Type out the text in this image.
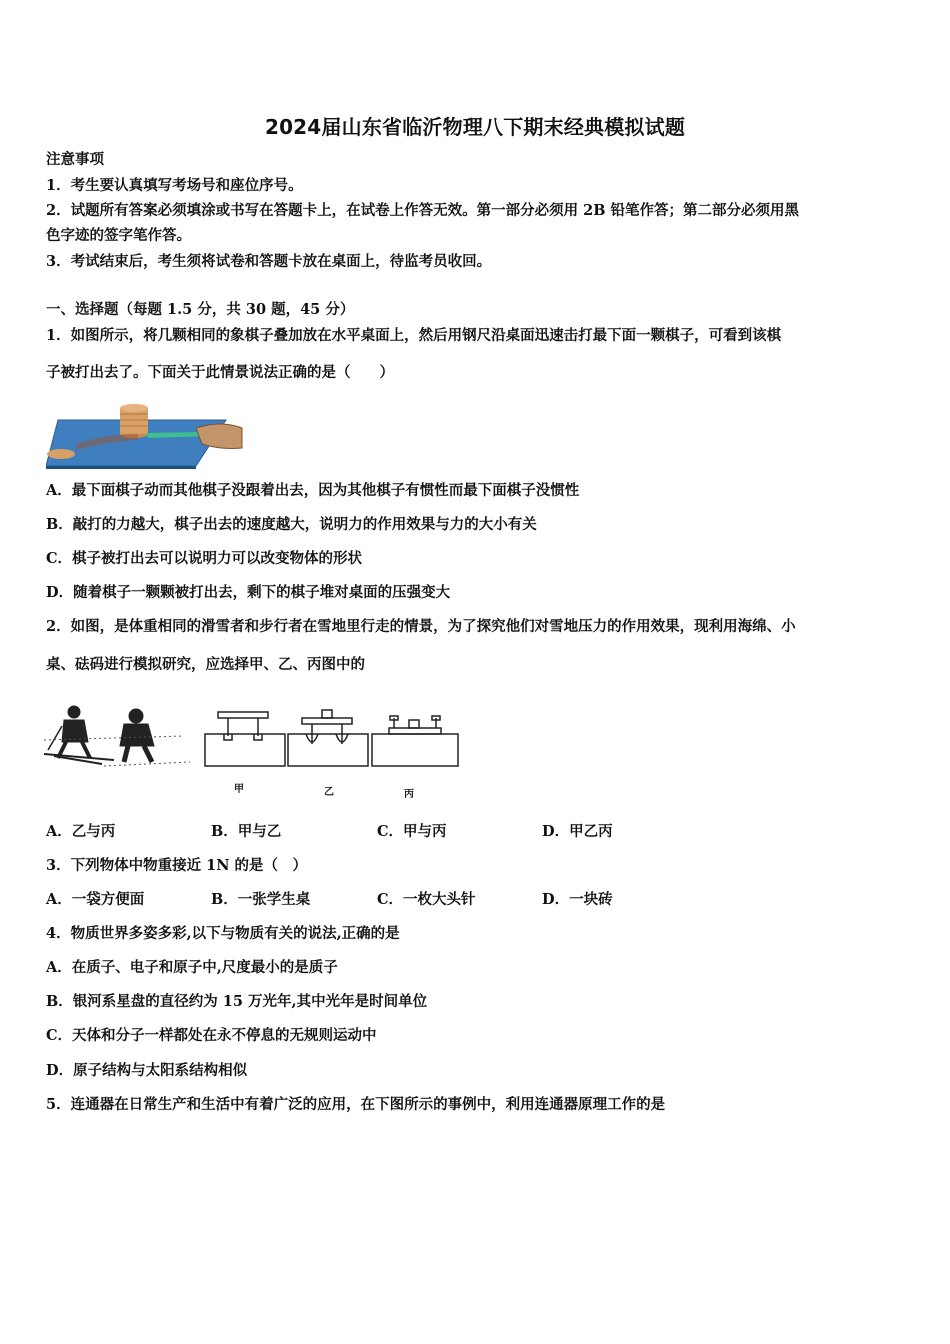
2024届山东省临沂物理八下期末经典模拟试题
注意事项
1．考生要认真填写考场号和座位序号。
2．试题所有答案必须填涂或书写在答题卡上，在试卷上作答无效。第一部分必须用 2B 铅笔作答；第二部分必须用黑
色字迹的签字笔作答。
3．考试结束后，考生须将试卷和答题卡放在桌面上，待监考员收回。
一、选择题（每题 1.5 分，共 30 题，45 分）
1．如图所示，将几颗相同的象棋子叠加放在水平桌面上，然后用钢尺沿桌面迅速击打最下面一颗棋子，可看到该棋
子被打出去了。下面关于此情景说法正确的是（　　）
A．最下面棋子动而其他棋子没跟着出去，因为其他棋子有惯性而最下面棋子没惯性
B．敲打的力越大，棋子出去的速度越大，说明力的作用效果与力的大小有关
C．棋子被打出去可以说明力可以改变物体的形状
D．随着棋子一颗颗被打出去，剩下的棋子堆对桌面的压强变大
2．如图，是体重相同的滑雪者和步行者在雪地里行走的情景，为了探究他们对雪地压力的作用效果，现利用海绵、小
桌、砝码进行模拟研究，应选择甲、乙、丙图中的
甲	乙	丙
A．乙与丙	B．甲与乙	C．甲与丙	D．甲乙丙
3．下列物体中物重接近 1N 的是（　）
A．一袋方便面	B．一张学生桌	C．一枚大头针	D．一块砖
4．物质世界多姿多彩,以下与物质有关的说法,正确的是
A．在质子、电子和原子中,尺度最小的是质子
B．银河系星盘的直径约为 15 万光年,其中光年是时间单位
C．天体和分子一样都处在永不停息的无规则运动中
D．原子结构与太阳系结构相似
5．连通器在日常生产和生活中有着广泛的应用，在下图所示的事例中，利用连通器原理工作的是
